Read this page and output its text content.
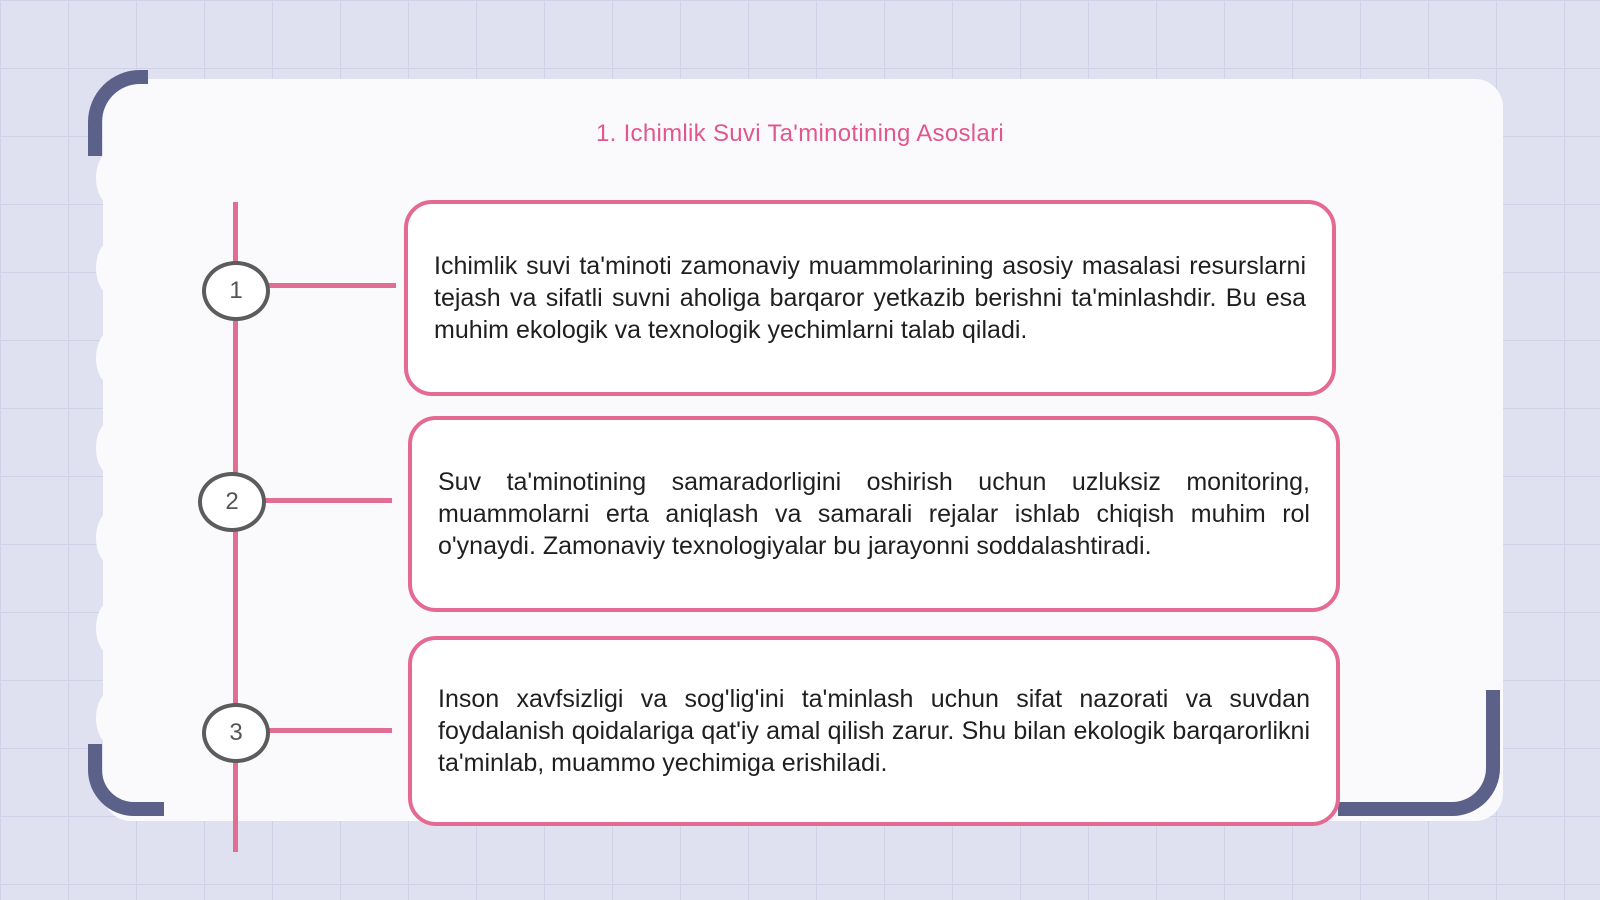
1. Ichimlik Suvi Ta'minotining Asoslari
1
2
3

Ichimlik suvi ta'minoti zamonaviy muammolarining asosiy masalasi resurslarni tejash va sifatli suvni aholiga barqaror yetkazib berishni ta'minlashdir. Bu esa muhim ekologik va texnologik yechimlarni talab qiladi.

Suv ta'minotining samaradorligini oshirish uchun uzluksiz monitoring, muammolarni erta aniqlash va samarali rejalar ishlab chiqish muhim rol o'ynaydi. Zamonaviy texnologiyalar bu jarayonni soddalashtiradi.

Inson xavfsizligi va sog'lig'ini ta'minlash uchun sifat nazorati va suvdan foydalanish qoidalariga qat'iy amal qilish zarur. Shu bilan ekologik barqarorlikni ta'minlab, muammo yechimiga erishiladi.
